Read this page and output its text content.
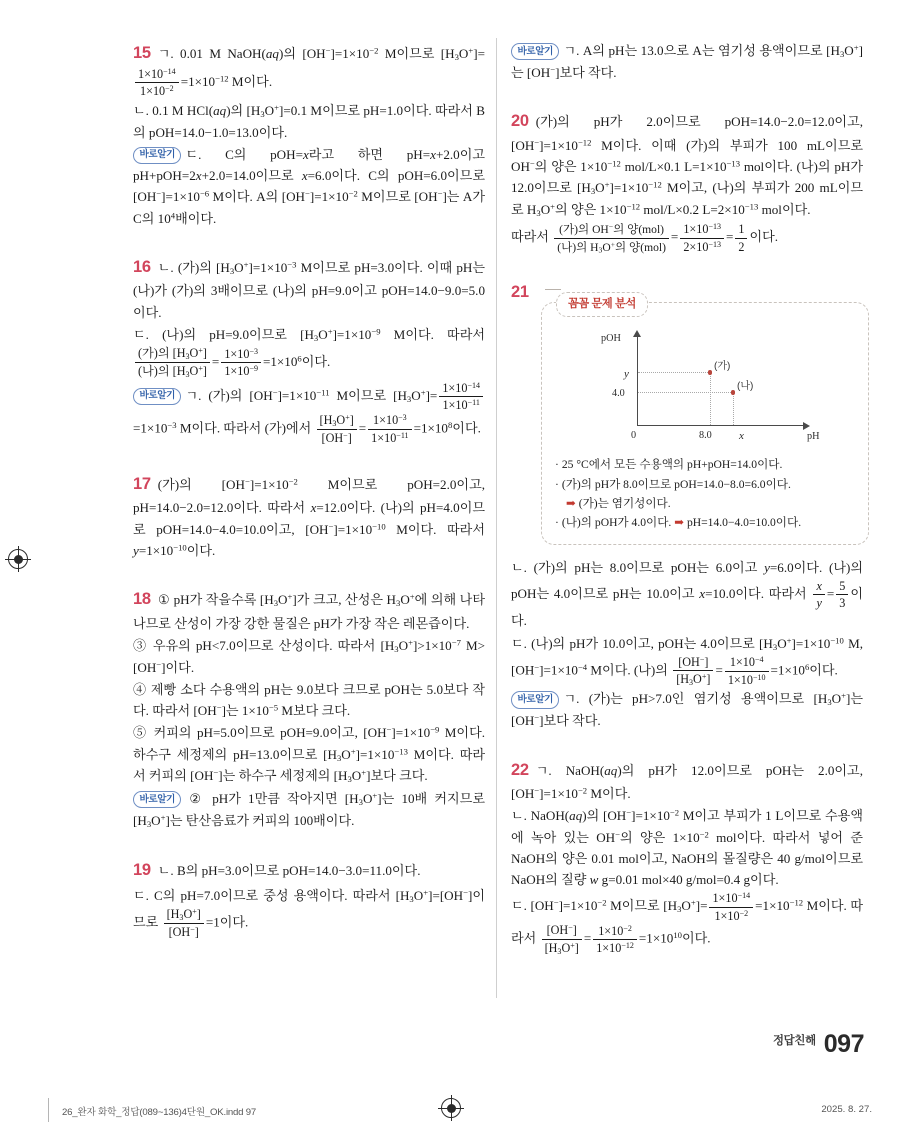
15 ㄱ. 0.01 M NaOH(aq)의 $[OH^-]=1\times 10^{-2}$ M이므로 $[H_3O^+]=$
$\frac{1\times 10^{-14}}{1\times 10^{-2}} =1\times 10^{-12}$ M이다.

ㄴ. 0.1 M HCl(aq)의 $[H_3O^+]=0.1$ M이므로 pH=1.0이다. 따라서 B의 pOH=14.0−1.0=13.0이다.

바로알기 ㄷ. C의 pOH=x라고 하면 pH=x+2.0이고 pH+pOH=2x+2.0=14.0이므로 x=6.0이다. C의 pOH=6.0이므로 $[OH^-]=1\times 10^{-6}$ M이다. A의 $[OH^-]=1\times 10^{-2}$ M이므로 [OH−]는 A가 C의 $10^4$배이다.

16 ㄴ. (가)의 $[H_3O^+]=1\times 10^{-3}$ M이므로 pH=3.0이다. 이때 pH는 (나)가 (가)의 3배이므로 (나)의 pH=9.0이고 pOH=14.0−9.0=5.0이다.

ㄷ. (나)의 pH=9.0이므로 $[H_3O^+]=1\times 10^{-9}$ M이다. 따라서
$\frac{(가)의 [H_3O^+]}{(나)의 [H_3O^+]} = \frac{1\times 10^{-3}}{1\times 10^{-9}} =1\times 10^6$이다.

바로알기 ㄱ. (가)의 $[OH^-]=1\times 10^{-11}$ M이므로 $[H_3O^+]= \frac{1\times 10^{-14}}{1\times 10^{-11}}$
$=1\times 10^{-3}$ M이다. 따라서 (가)에서 $\frac{[H_3O^+]}{[OH^-]} = \frac{1\times 10^{-3}}{1\times 10^{-11}} =1\times 10^8$이다.

17 (가)의 $[OH^-]=1\times 10^{-2}$ M이므로 pOH=2.0이고, pH=14.0−2.0=12.0이다. 따라서 x=12.0이다. (나)의 pH=4.0이므로 pOH=14.0−4.0=10.0이고, $[OH^-]=1\times 10^{-10}$ M이다. 따라서 $y=1\times 10^{-10}$이다.

18 ① pH가 작을수록 $[H_3O^+]$가 크고, 산성은 $H_3O^+$에 의해 나타나므로 산성이 가장 강한 물질은 pH가 가장 작은 레몬즙이다.

③ 우유의 pH<7.0이므로 산성이다. 따라서 $[H_3O^+]>1\times 10^{-7}$ M>[OH−]이다.

④ 제빵 소다 수용액의 pH는 9.0보다 크므로 pOH는 5.0보다 작다. 따라서 [OH−]는 $1\times 10^{-5}$ M보다 크다.

⑤ 커피의 pH=5.0이므로 pOH=9.0이고, $[OH^-]=1\times 10^{-9}$ M이다. 하수구 세정제의 pH=13.0이므로 $[H_3O^+]=1\times 10^{-13}$ M이다. 따라서 커피의 [OH−]는 하수구 세정제의 $[H_3O^+]$보다 크다.

바로알기 ② pH가 1만큼 작아지면 $[H_3O^+]$는 10배 커지므로 $[H_3O^+]$는 탄산음료가 커피의 100배이다.

19 ㄴ. B의 pH=3.0이므로 pOH=14.0−3.0=11.0이다.

ㄷ. C의 pH=7.0이므로 중성 용액이다. 따라서 $[H_3O^+]=[OH^-]$이므로 $\frac{[H_3O^+]}{[OH^-]} =1$이다.

바로알기 ㄱ. A의 pH는 13.0으로 A는 염기성 용액이므로 $[H_3O^+]$는 [OH−]보다 작다.

20 (가)의 pH가 2.0이므로 pOH=14.0−2.0=12.0이고, $[OH^-]=1\times 10^{-12}$ M이다. 이때 (가)의 부피가 100 mL이므로 OH−의 양은 $1\times 10^{-12}$ mol/L×0.1 $L=1\times 10^{-13}$ mol이다. (나)의 pH가 12.0이므로 $[H_3O^+]=1\times 10^{-12}$ M이고, (나)의 부피가 200 mL이므로 $H_3O^+$의 양은 $1\times 10^{-12}$ mol/L×0.2 $L=2\times 10^{-13}$ mol이다.

따라서 $\frac{(가)의 OH^-의 양(mol)}{(나)의 H_3O^+의 양(mol)} = \frac{1\times 10^{-13}}{2\times 10^{-13}} = \frac{1}{2}$ 이다.

21
꼼꼼 문제 분석
pOH
pH
0
y
4.0
8.0 x
(가)
(나)

· 25 °C에서 모든 수용액의 pH+pOH=14.0이다.

· (가)의 pH가 8.0이므로 pOH=14.0−8.0=6.0이다.

➡ (가)는 염기성이다.

· (나)의 pOH가 4.0이다. ➡ pH=14.0−4.0=10.0이다.

ㄴ. (가)의 pH는 8.0이므로 pOH는 6.0이고 y=6.0이다. (나)의 pOH는 4.0이므로 pH는 10.0이고 x=10.0이다. 따라서 $\frac{x}{y} = \frac{5}{3}$ 이다.

ㄷ. (나)의 pH가 10.0이고, pOH는 4.0이므로 $[H_3O^+]=1\times 10^{-10}$ M, $[OH^-]=1\times 10^{-4}$ M이다. (나)의 $\frac{[OH^-]}{[H_3O^+]} = \frac{1\times 10^{-4}}{1\times 10^{-10}} =1\times 10^6$이다.

바로알기 ㄱ. (가)는 pH>7.0인 염기성 용액이므로 $[H_3O^+]$는 [OH−]보다 작다.

22 ㄱ. NaOH(aq)의 pH가 12.0이므로 pOH는 2.0이고, $[OH^-]=1\times 10^{-2}$ M이다.

ㄴ. NaOH(aq)의 $[OH^-]=1\times 10^{-2}$ M이고 부피가 1 L이므로 수용액에 녹아 있는 OH−의 양은 $1\times 10^{-2}$ mol이다. 따라서 넣어 준 NaOH의 양은 0.01 mol이고, NaOH의 몰질량은 40 g/mol이므로 NaOH의 질량 w g=0.01 mol×40 g/mol=0.4 g이다.

ㄷ. $[OH^-]=1\times 10^{-2}$ M이므로 $[H_3O^+]= \frac{1\times 10^{-14}}{1\times 10^{-2}} =1\times 10^{-12}$ M이다. 따라서 $\frac{[OH^-]}{[H_3O^+]} = \frac{1\times 10^{-2}}{1\times 10^{-12}} =1\times 10^{10}$이다.

정답친해 097
26_완자 화학_정답(089~136)4단원_OK.indd 97	2025. 8. 27.
